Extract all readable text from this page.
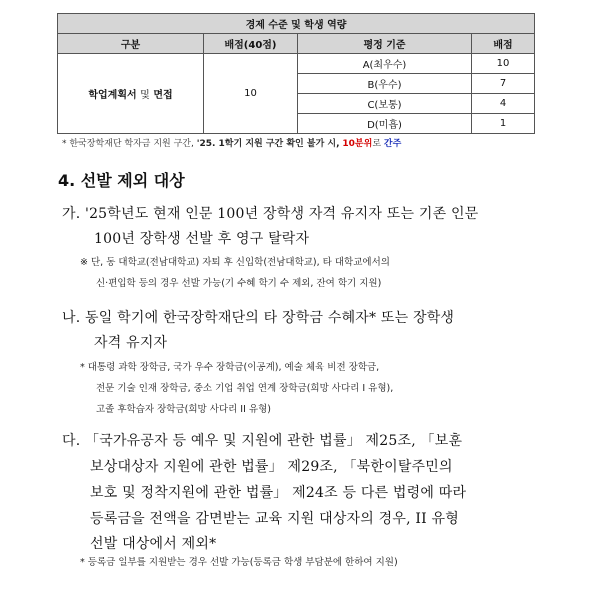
경제 수준 및 학생 역량			
구분	배점(40점)	평정 기준	배점
학업계획서 및 면접	10	A(최우수)	10
		B(우수)	7
		C(보통)	4
		D(미흡)	1
* 한국장학재단 학자금 지원 구간, '25. 1학기 지원 구간 확인 불가 시, 10분위로 간주
4. 선발 제외 대상
가. '25학년도 현재 인문 100년 장학생 자격 유지자 또는 기존 인문
100년 장학생 선발 후 영구 탈락자
※ 단, 동 대학교(전남대학교) 자퇴 후 신입학(전남대학교), 타 대학교에서의
신·편입학 등의 경우 선발 가능(기 수혜 학기 수 제외, 잔여 학기 지원)
나. 동일 학기에 한국장학재단의 타 장학금 수혜자* 또는 장학생
자격 유지자
* 대통령 과학 장학금, 국가 우수 장학금(이공계), 예술 체육 비전 장학금,
전문 기술 인재 장학금, 중소 기업 취업 연계 장학금(희망 사다리 I 유형),
고졸 후학습자 장학금(희망 사다리 II 유형)
다. 「국가유공자 등 예우 및 지원에 관한 법률」 제25조, 「보훈
보상대상자 지원에 관한 법률」 제29조, 「북한이탈주민의
보호 및 정착지원에 관한 법률」 제24조 등 다른 법령에 따라
등록금을 전액을 감면받는 교육 지원 대상자의 경우, II 유형
선발 대상에서 제외*
* 등록금 일부를 지원받는 경우 선발 가능(등록금 학생 부담분에 한하여 지원)
